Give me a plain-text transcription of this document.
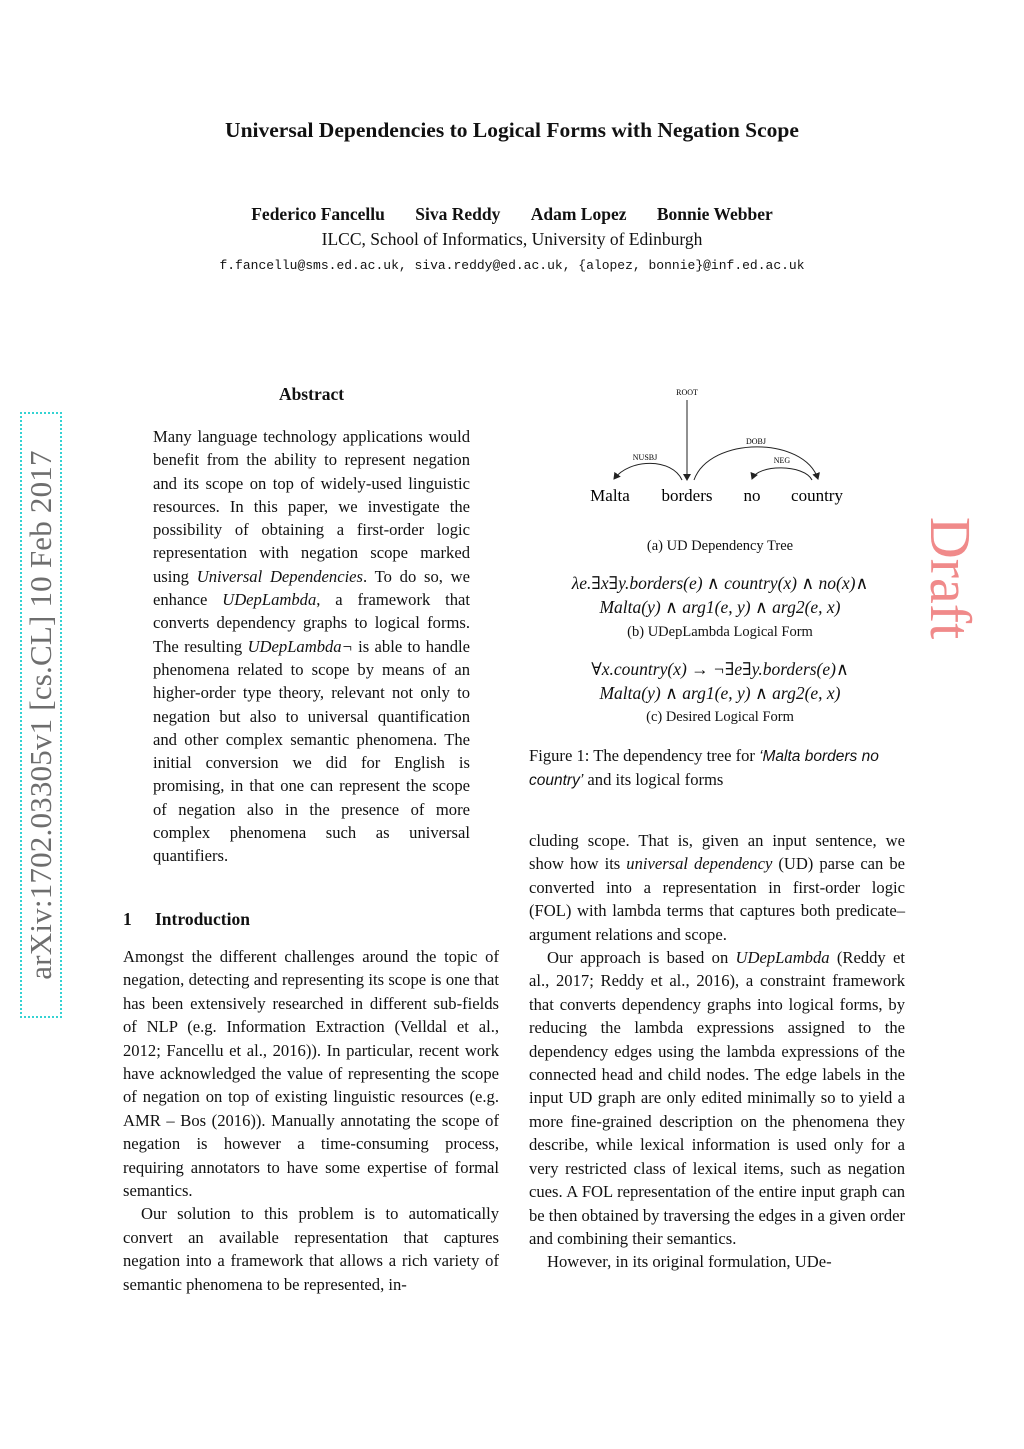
Universal Dependencies to Logical Forms with Negation Scope
Federico Fancellu Siva Reddy Adam Lopez Bonnie Webber
ILCC, School of Informatics, University of Edinburgh
f.fancellu@sms.ed.ac.uk, siva.reddy@ed.ac.uk, {alopez, bonnie}@inf.ed.ac.uk
arXiv:1702.03305v1 [cs.CL] 10 Feb 2017	Draft
Abstract
Many language technology applications would benefit from the ability to represent negation and its scope on top of widely-used linguistic resources. In this paper, we investigate the possibility of obtaining a first-order logic representation with negation scope marked using Universal Dependencies. To do so, we enhance UDepLambda, a framework that converts dependency graphs to logical forms. The resulting UDepLambda¬ is able to handle phenomena related to scope by means of an higher-order type theory, relevant not only to negation but also to universal quantification and other complex semantic phenomena. The initial conversion we did for English is promising, in that one can represent the scope of negation also in the presence of more complex phenomena such as universal quantifiers.
1 Introduction

Amongst the different challenges around the topic of negation, detecting and representing its scope is one that has been extensively researched in different sub-fields of NLP (e.g. Information Extraction (Velldal et al., 2012; Fancellu et al., 2016)). In particular, recent work have acknowledged the value of representing the scope of negation on top of existing linguistic resources (e.g. AMR – Bos (2016)). Manually annotating the scope of negation is however a time-consuming process, requiring annotators to have some expertise of formal semantics.

Our solution to this problem is to automatically convert an available representation that captures negation into a framework that allows a rich variety of semantic phenomena to be represented, in-

ROOT
NUSBJ
DOBJ
NEG
Malta borders no country
(a) UD Dependency Tree
λe.∃x∃y.borders(e) ∧ country(x) ∧ no(x)∧
Malta(y) ∧ arg1(e, y) ∧ arg2(e, x)
(b) UDepLambda Logical Form
∀x.country(x) → ¬∃e∃y.borders(e)∧
Malta(y) ∧ arg1(e, y) ∧ arg2(e, x)
(c) Desired Logical Form
Figure 1: The dependency tree for ‘Malta borders no country’ and its logical forms

cluding scope. That is, given an input sentence, we show how its universal dependency (UD) parse can be converted into a representation in first-order logic (FOL) with lambda terms that captures both predicate–argument relations and scope.

Our approach is based on UDepLambda (Reddy et al., 2017; Reddy et al., 2016), a constraint framework that converts dependency graphs into logical forms, by reducing the lambda expressions assigned to the dependency edges using the lambda expressions of the connected head and child nodes. The edge labels in the input UD graph are only edited minimally so to yield a more fine-grained description on the phenomena they describe, while lexical information is used only for a very restricted class of lexical items, such as negation cues. A FOL representation of the entire input graph can be then obtained by traversing the edges in a given order and combining their semantics.

However, in its original formulation, UDe-
